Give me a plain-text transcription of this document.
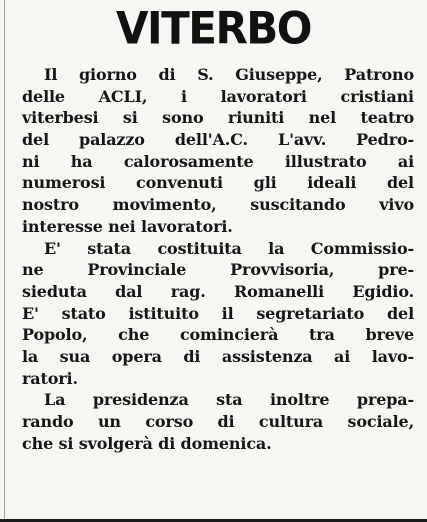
VITERBO
Il giorno di S. Giuseppe, Patrono
delle ACLI, i lavoratori cristiani
viterbesi si sono riuniti nel teatro
del palazzo dell'A.C. L'avv. Pedro-
ni ha calorosamente illustrato ai
numerosi convenuti gli ideali del
nostro movimento, suscitando vivo
interesse nei lavoratori.
E' stata costituita la Commissio-
ne Provinciale Provvisoria, pre-
sieduta dal rag. Romanelli Egidio.
E' stato istituito il segretariato del
Popolo, che comincierà tra breve
la sua opera di assistenza ai lavo-
ratori.
La presidenza sta inoltre prepa-
rando un corso di cultura sociale,
che si svolgerà di domenica.
